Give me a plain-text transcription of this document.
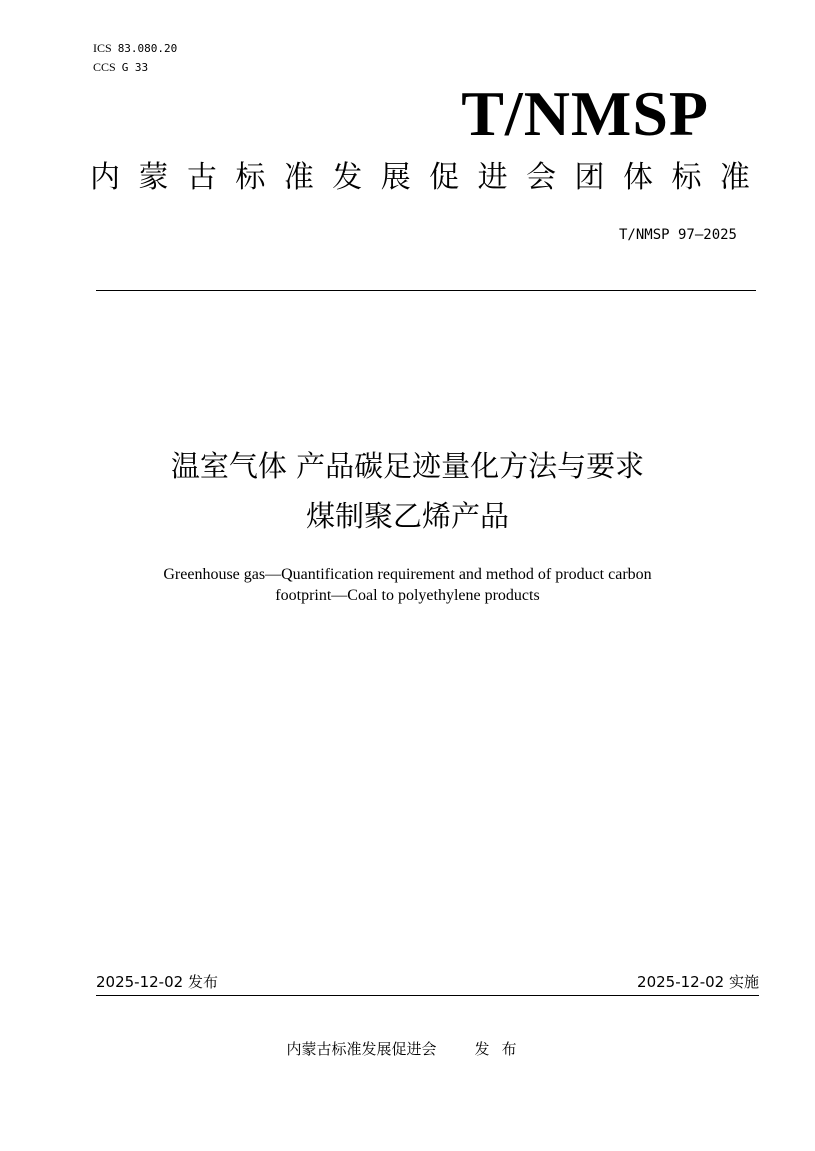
ICS 83.080.20
CCS G 33
T/NMSP
内 蒙 古 标 准 发 展 促 进 会 团 体 标 准
T/NMSP 97—2025
温室气体 产品碳足迹量化方法与要求
煤制聚乙烯产品
Greenhouse gas—Quantification requirement and method of product carbon
footprint—Coal to polyethylene products
2025-12-02 发布	2025-12-02 实施
内蒙古标准发展促进会	发布
